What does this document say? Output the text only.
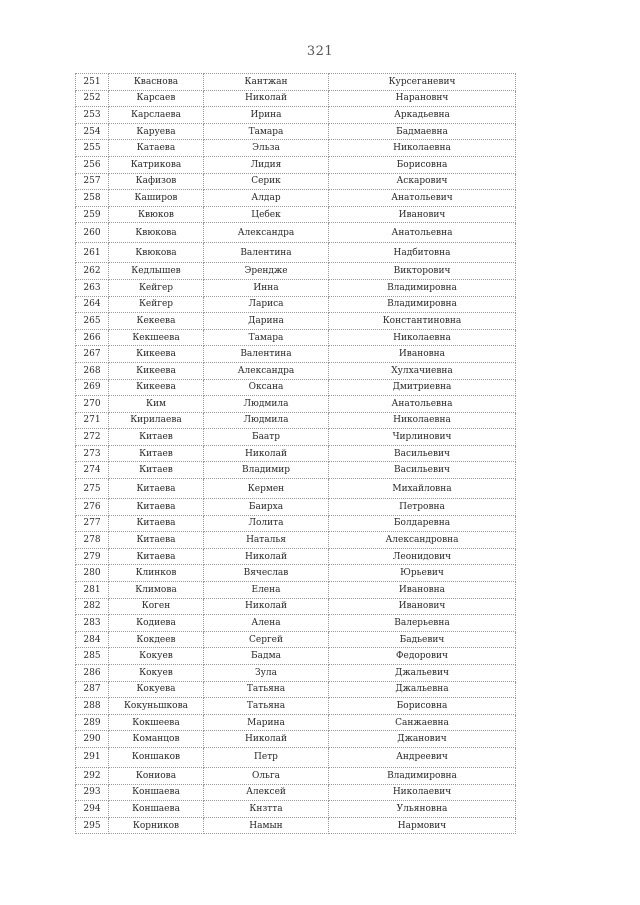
321
251	Кваснова	Кантжан	Курсеганевич
252	Карсаев	Николай	Нарановнч
253	Карслаева	Ирина	Аркадьевна
254	Каруева	Тамара	Бадмаевна
255	Катаева	Эльза	Николаевна
256	Катрикова	Лидия	Борисовна
257	Кафизов	Серик	Аскарович
258	Каширов	Алдар	Анатольевич
259	Квюков	Цебек	Иванович
260	Квюкова	Александра	Анатольевна
261	Квюкова	Валентина	Надбитовна
262	Кедлышев	Эрендже	Викторович
263	Кейгер	Инна	Владимировна
264	Кейгер	Ларисa	Владимировна
265	Кекеева	Дарина	Константиновна
266	Кекшеева	Тамара	Николаевна
267	Кикеева	Валентина	Ивановна
268	Кикеева	Александра	Хулхачиевна
269	Кикеева	Оксана	Дмитриевна
270	Ким	Людмила	Анатольевна
271	Кирилаева	Людмила	Николаевна
272	Китаев	Баатр	Чирлинович
273	Китаев	Николай	Васильевич
274	Китаев	Владимир	Васильевич
275	Китаева	Кермен	Михайловна
276	Китаева	Баирха	Петровна
277	Китаева	Лолита	Болдаревна
278	Китаева	Наталья	Александровна
279	Китаева	Николай	Леонидович
280	Клинков	Вячеслав	Юрьевич
281	Климова	Елена	Ивановна
282	Коген	Николай	Иванович
283	Кодиева	Алена	Валерьевна
284	Кокдеев	Сергей	Бадьевич
285	Кокуев	Бадма	Федорович
286	Кокуев	Зула	Джальевич
287	Кокуева	Татьяна	Джальевна
288	Кокуньшкова	Татьяна	Борисовна
289	Кокшеева	Марина	Санжаевна
290	Команцов	Николай	Джанович
291	Коншаков	Петр	Андреевич
292	Кониова	Ольга	Владимировна
293	Коншаева	Алексей	Николаевич
294	Коншаева	Кнзтта	Ульяновна
295	Корников	Намын	Нармович
